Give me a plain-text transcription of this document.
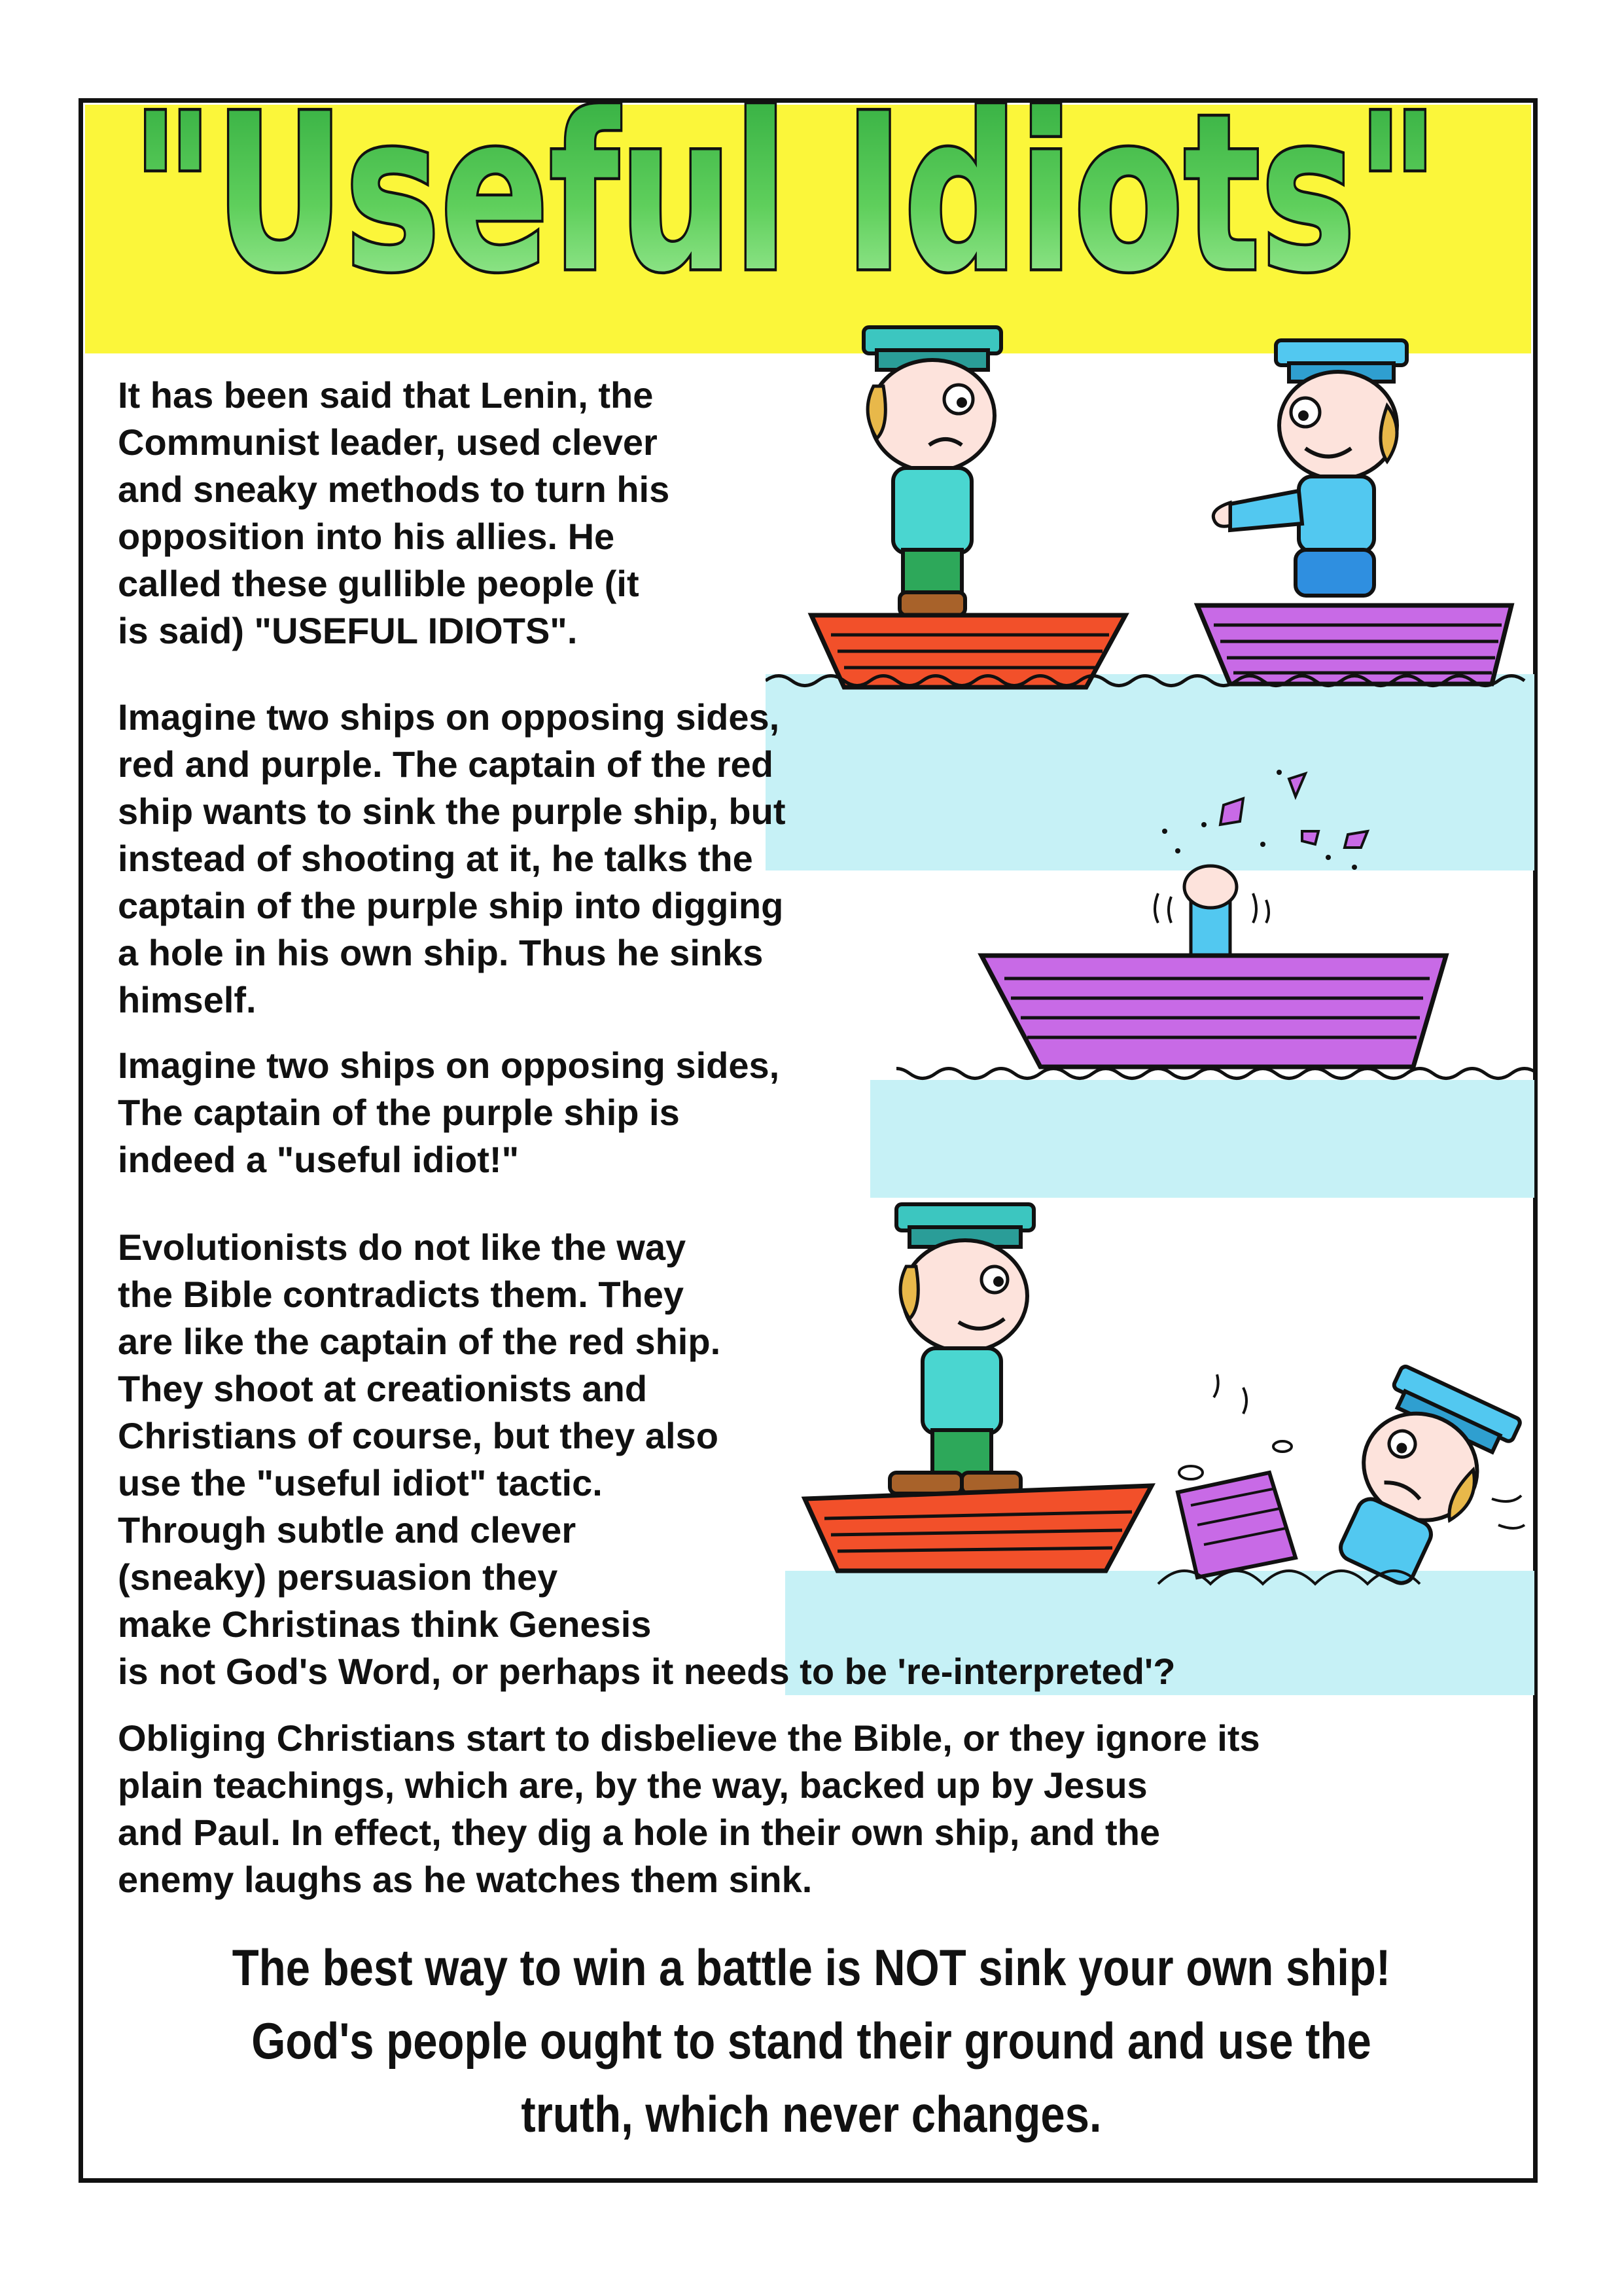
"Useful Idiots"

It has been said that Lenin, the
Communist leader, used clever
and sneaky methods to turn his
opposition into his allies. He
called these gullible people (it
is said) "USEFUL IDIOTS".

Imagine two ships on opposing sides,
red and purple. The captain of the red
ship wants to sink the purple ship, but
instead of shooting at it, he talks the
captain of the purple ship into digging
a hole in his own ship. Thus he sinks
himself.

Imagine two ships on opposing sides,
The captain of the purple ship is
indeed a "useful idiot!"

Evolutionists do not like the way
the Bible contradicts them. They
are like the captain of the red ship.
They shoot at creationists and
Christians of course, but they also
use the "useful idiot" tactic.
Through subtle and clever
(sneaky) persuasion they
make Christinas think Genesis
is not God's Word, or perhaps it needs to be 're-interpreted'?

Obliging Christians start to disbelieve the Bible, or they ignore its
plain teachings, which are, by the way, backed up by Jesus
and Paul. In effect, they dig a hole in their own ship, and the
enemy laughs as he watches them sink.

The best way to win a battle is NOT sink your own ship! God's people ought to stand their ground and use the truth, which never changes.
